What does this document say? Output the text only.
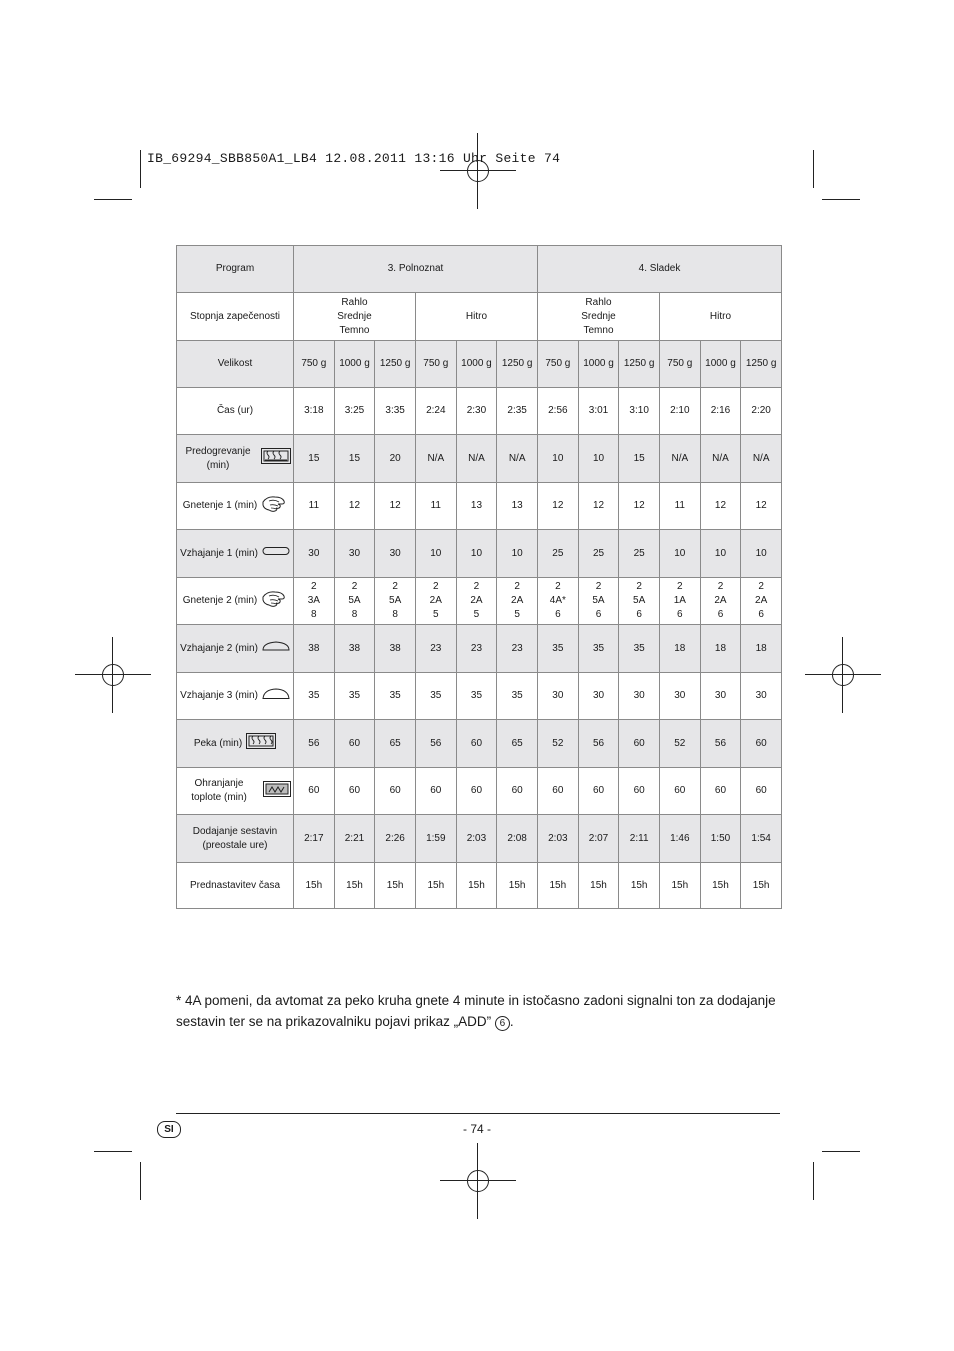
IB_69294_SBB850A1_LB4 12.08.2011 13:16 Uhr Seite 74
Program	3. Polnoznat						4. Sladek					
Stopnja zapečenosti	Rahlo
Srednje
Temno			Hitro			Rahlo
Srednje
Temno			Hitro		
Velikost	750 g	1000 g	1250 g	750 g	1000 g	1250 g	750 g	1000 g	1250 g	750 g	1000 g	1250 g
Čas (ur)	3:18	3:25	3:35	2:24	2:30	2:35	2:56	3:01	3:10	2:10	2:16	2:20

Predogrevanje (min)	15	15	20	N/A	N/A	N/A	10	10	15	N/A	N/A	N/A

Gnetenje 1 (min)	11	12	12	11	13	13	12	12	12	11	12	12

Vzhajanje 1 (min)	30	30	30	10	10	10	25	25	25	10	10	10

Gnetenje 2 (min)	2
3A
8	2
5A
8	2
5A
8	2
2A
5	2
2A
5	2
2A
5	2
4A*
6	2
5A
6	2
5A
6	2
1A
6	2
2A
6	2
2A
6

Vzhajanje 2 (min)	38	38	38	23	23	23	35	35	35	18	18	18

Vzhajanje 3 (min)	35	35	35	35	35	35	30	30	30	30	30	30

Peka (min)	56	60	65	56	60	65	52	56	60	52	56	60

Ohranjanje toplote (min)	60	60	60	60	60	60	60	60	60	60	60	60
Dodajanje sestavin (preostale ure)	2:17	2:21	2:26	1:59	2:03	2:08	2:03	2:07	2:11	1:46	1:50	1:54
Prednastavitev časa	15h	15h	15h	15h	15h	15h	15h	15h	15h	15h	15h	15h
* 4A pomeni, da avtomat za peko kruha gnete 4 minute in istočasno zadoni signalni ton za dodajanje sestavin ter se na prikazovalniku pojavi prikaz „ADD” 6 .
SI	- 74 -
